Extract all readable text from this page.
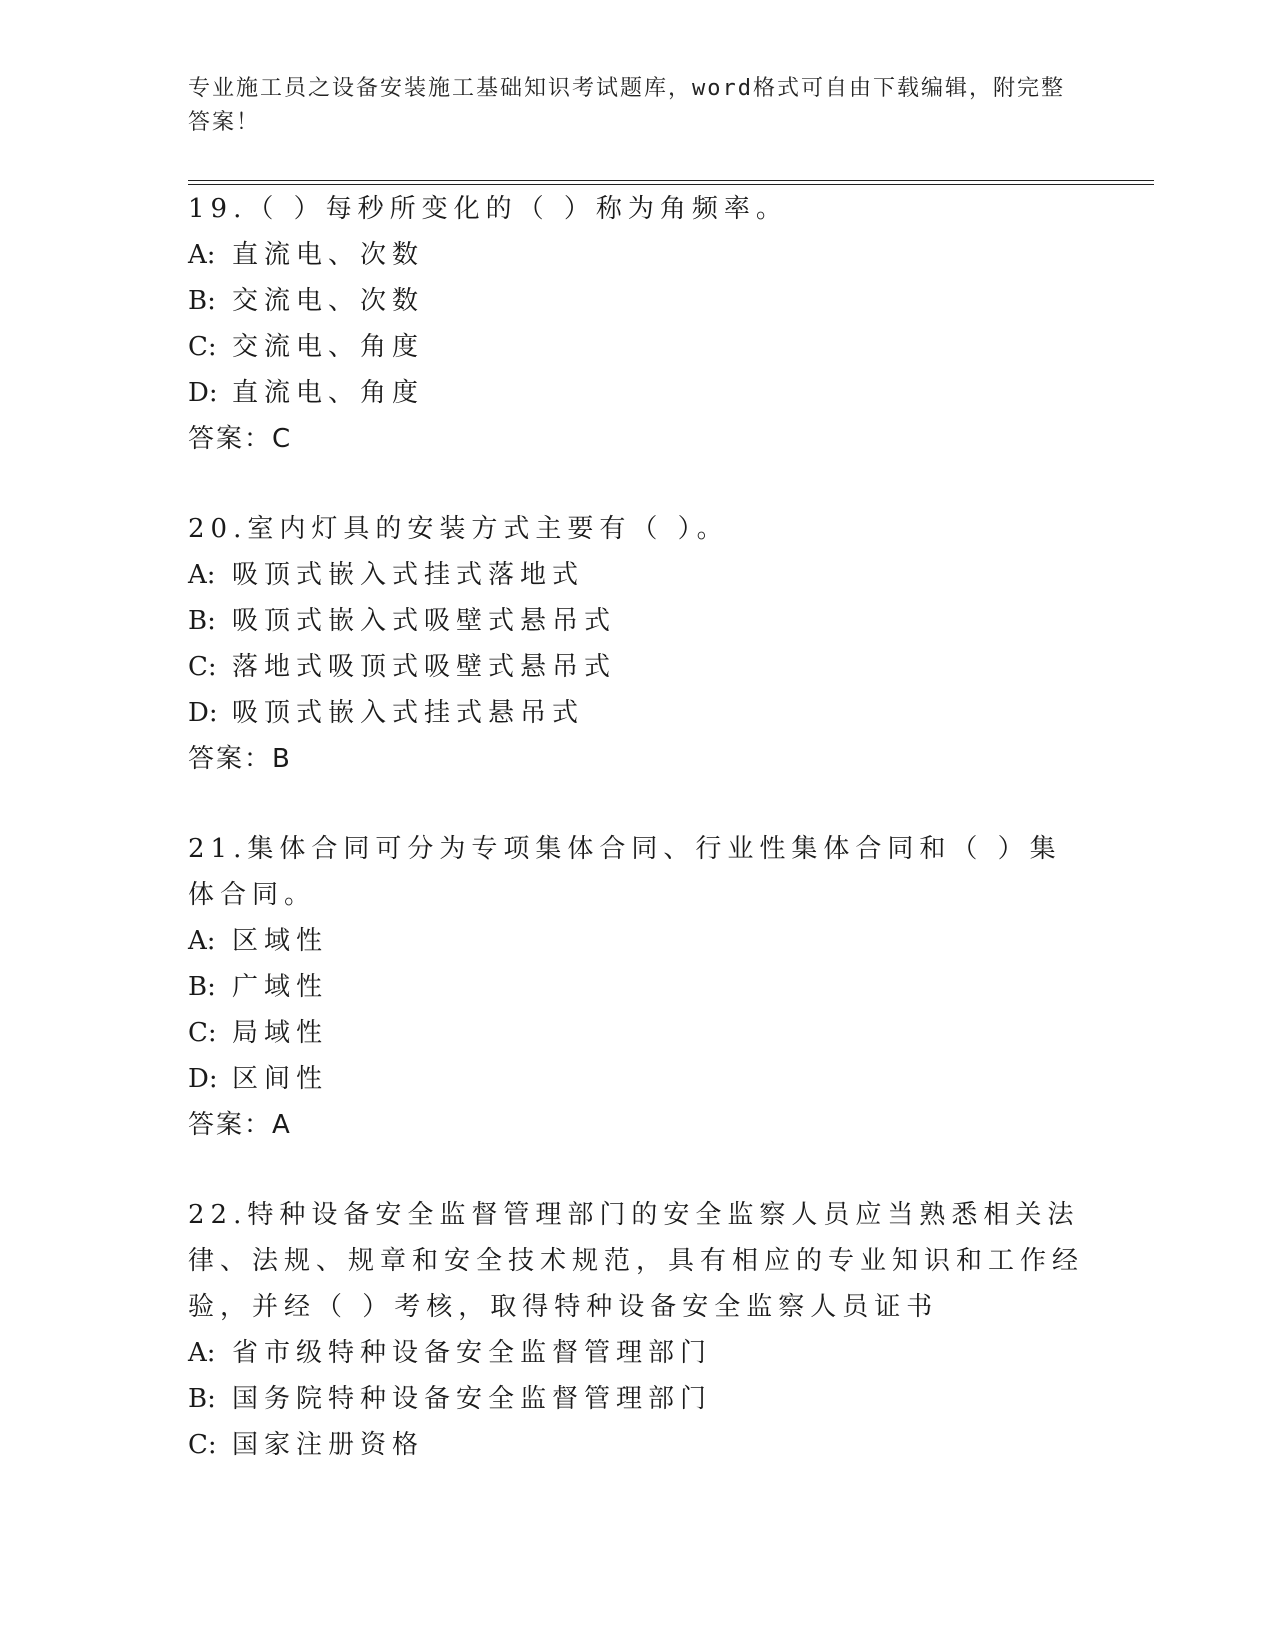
专业施工员之设备安装施工基础知识考试题库，word格式可自由下载编辑，附完整答案！
19.（ ）每秒所变化的（ ）称为角频率。
A: 直流电、次数
B: 交流电、次数
C: 交流电、角度
D: 直流电、角度
答案：C
20.室内灯具的安装方式主要有（ ）。
A: 吸顶式嵌入式挂式落地式
B: 吸顶式嵌入式吸壁式悬吊式
C: 落地式吸顶式吸壁式悬吊式
D: 吸顶式嵌入式挂式悬吊式
答案：B
21.集体合同可分为专项集体合同、行业性集体合同和（ ）集体合同。
A: 区域性
B: 广域性
C: 局域性
D: 区间性
答案：A
22.特种设备安全监督管理部门的安全监察人员应当熟悉相关法律、法规、规章和安全技术规范，具有相应的专业知识和工作经验，并经（ ）考核，取得特种设备安全监察人员证书
A: 省市级特种设备安全监督管理部门
B: 国务院特种设备安全监督管理部门
C: 国家注册资格
